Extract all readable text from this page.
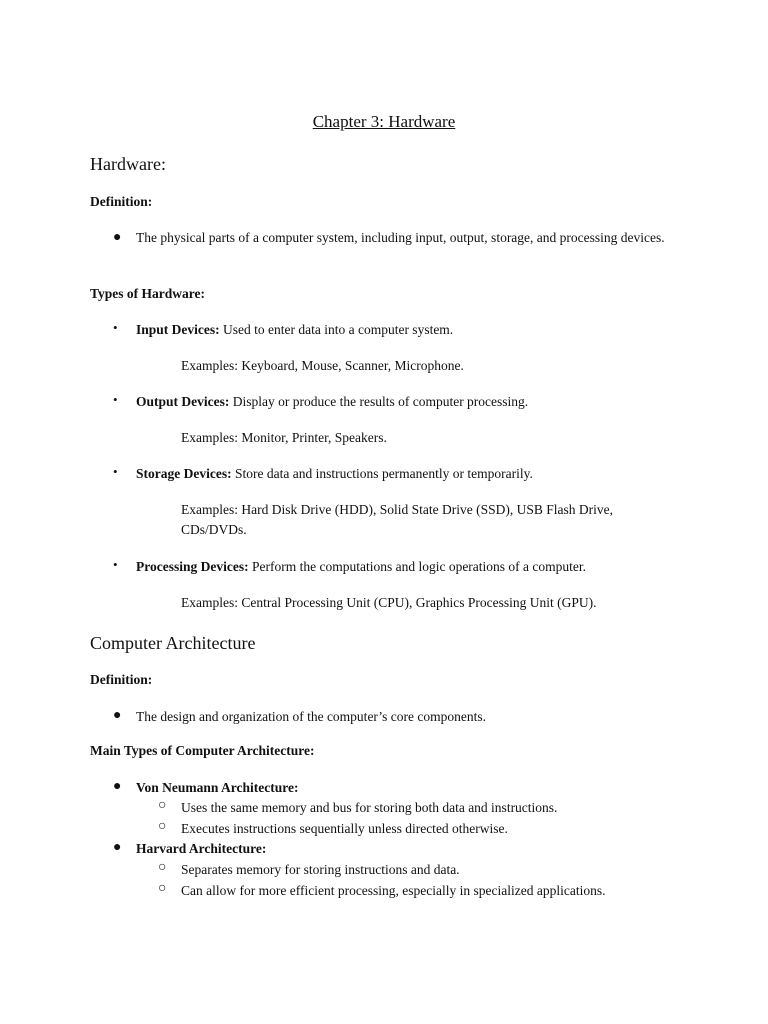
Chapter 3: Hardware
Hardware:
Definition:
● The physical parts of a computer system, including input, output, storage, and processing devices.
Types of Hardware:
• Input Devices: Used to enter data into a computer system.
Examples: Keyboard, Mouse, Scanner, Microphone.
• Output Devices: Display or produce the results of computer processing.
Examples: Monitor, Printer, Speakers.
• Storage Devices: Store data and instructions permanently or temporarily.
Examples: Hard Disk Drive (HDD), Solid State Drive (SSD), USB Flash Drive, CDs/DVDs.
• Processing Devices: Perform the computations and logic operations of a computer.
Examples: Central Processing Unit (CPU), Graphics Processing Unit (GPU).
Computer Architecture
Definition:
● The design and organization of the computer’s core components.
Main Types of Computer Architecture:
● Von Neumann Architecture:
○ Uses the same memory and bus for storing both data and instructions.
○ Executes instructions sequentially unless directed otherwise.
● Harvard Architecture:
○ Separates memory for storing instructions and data.
○ Can allow for more efficient processing, especially in specialized applications.
